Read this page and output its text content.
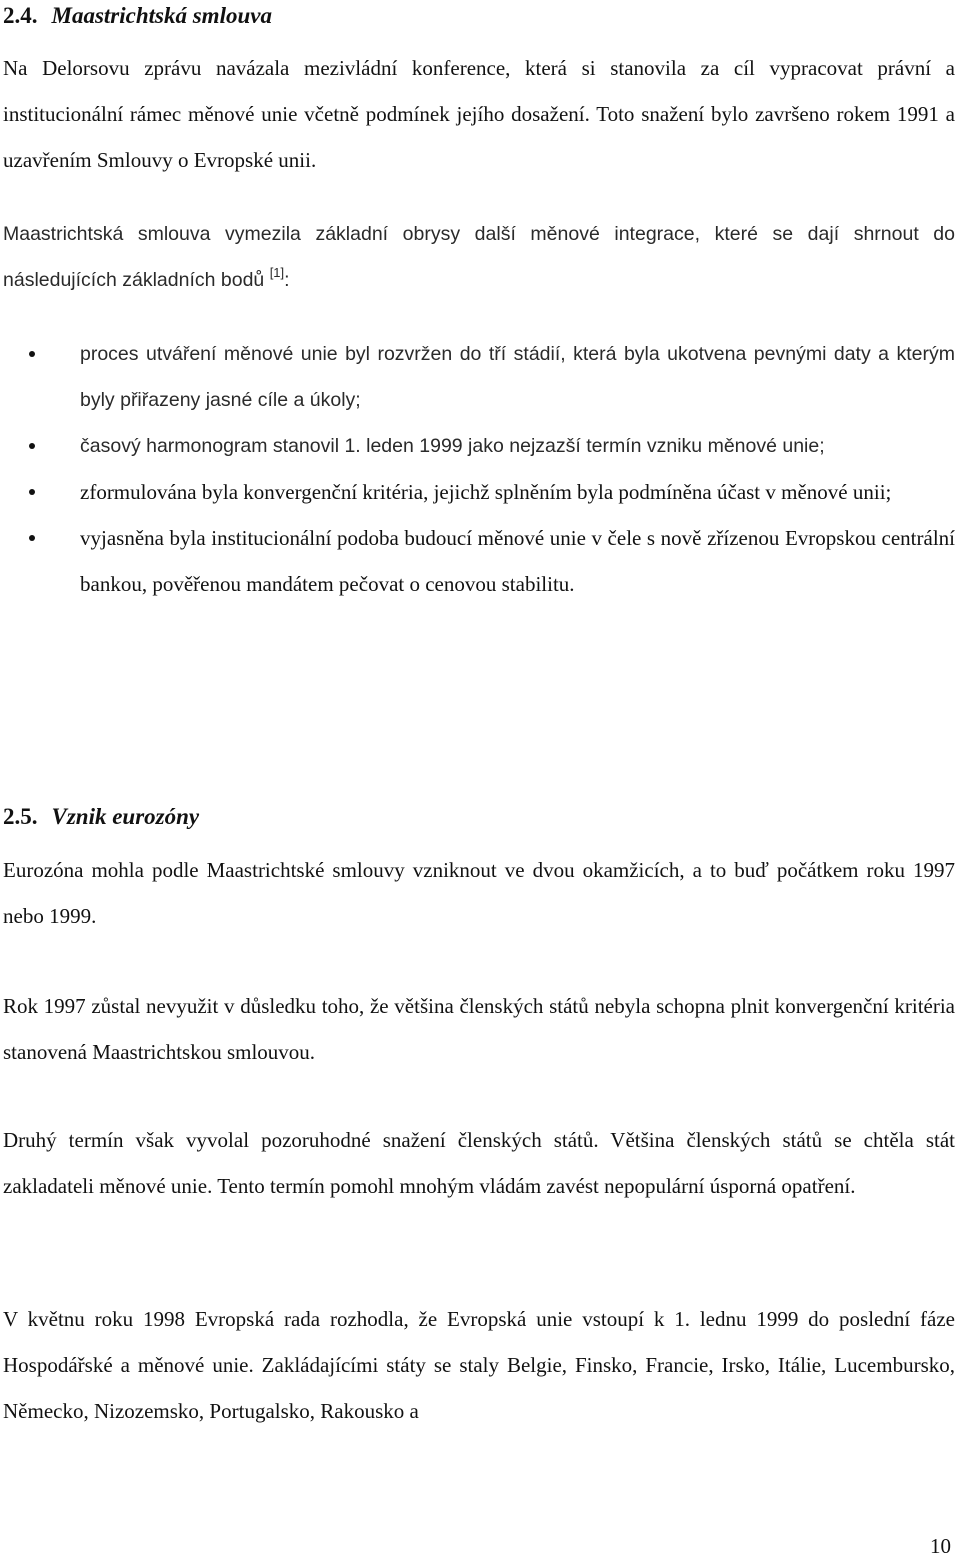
2.4. Maastrichtská smlouva

Na Delorsovu zprávu navázala mezivládní konference, která si stanovila za cíl vypracovat právní a institucionální rámec měnové unie včetně podmínek jejího dosažení. Toto snažení bylo završeno rokem 1991 a uzavřením Smlouvy o Evropské unii.

Maastrichtská smlouva vymezila základní obrysy další měnové integrace, které se dají shrnout do následujících základních bodů [1]:

proces utváření měnové unie byl rozvržen do tří stádií, která byla ukotvena pevnými daty a kterým byly přiřazeny jasné cíle a úkoly;
časový harmonogram stanovil 1. leden 1999 jako nejzazší termín vzniku měnové unie;
zformulována byla konvergenční kritéria, jejichž splněním byla podmíněna účast v měnové unii;
vyjasněna byla institucionální podoba budoucí měnové unie v čele s nově zřízenou Evropskou centrální bankou, pověřenou mandátem pečovat o cenovou stabilitu.
2.5. Vznik eurozóny

Eurozóna mohla podle Maastrichtské smlouvy vzniknout ve dvou okamžicích, a to buď počátkem roku 1997 nebo 1999.

Rok 1997 zůstal nevyužit v důsledku toho, že většina členských států nebyla schopna plnit konvergenční kritéria stanovená Maastrichtskou smlouvou.

Druhý termín však vyvolal pozoruhodné snažení členských států. Většina členských států se chtěla stát zakladateli měnové unie. Tento termín pomohl mnohým vládám zavést nepopulární úsporná opatření.

V květnu roku 1998 Evropská rada rozhodla, že Evropská unie vstoupí k 1. lednu 1999 do poslední fáze Hospodářské a měnové unie. Zakládajícími státy se staly Belgie, Finsko, Francie, Irsko, Itálie, Lucembursko, Německo, Nizozemsko, Portugalsko, Rakousko a

10
